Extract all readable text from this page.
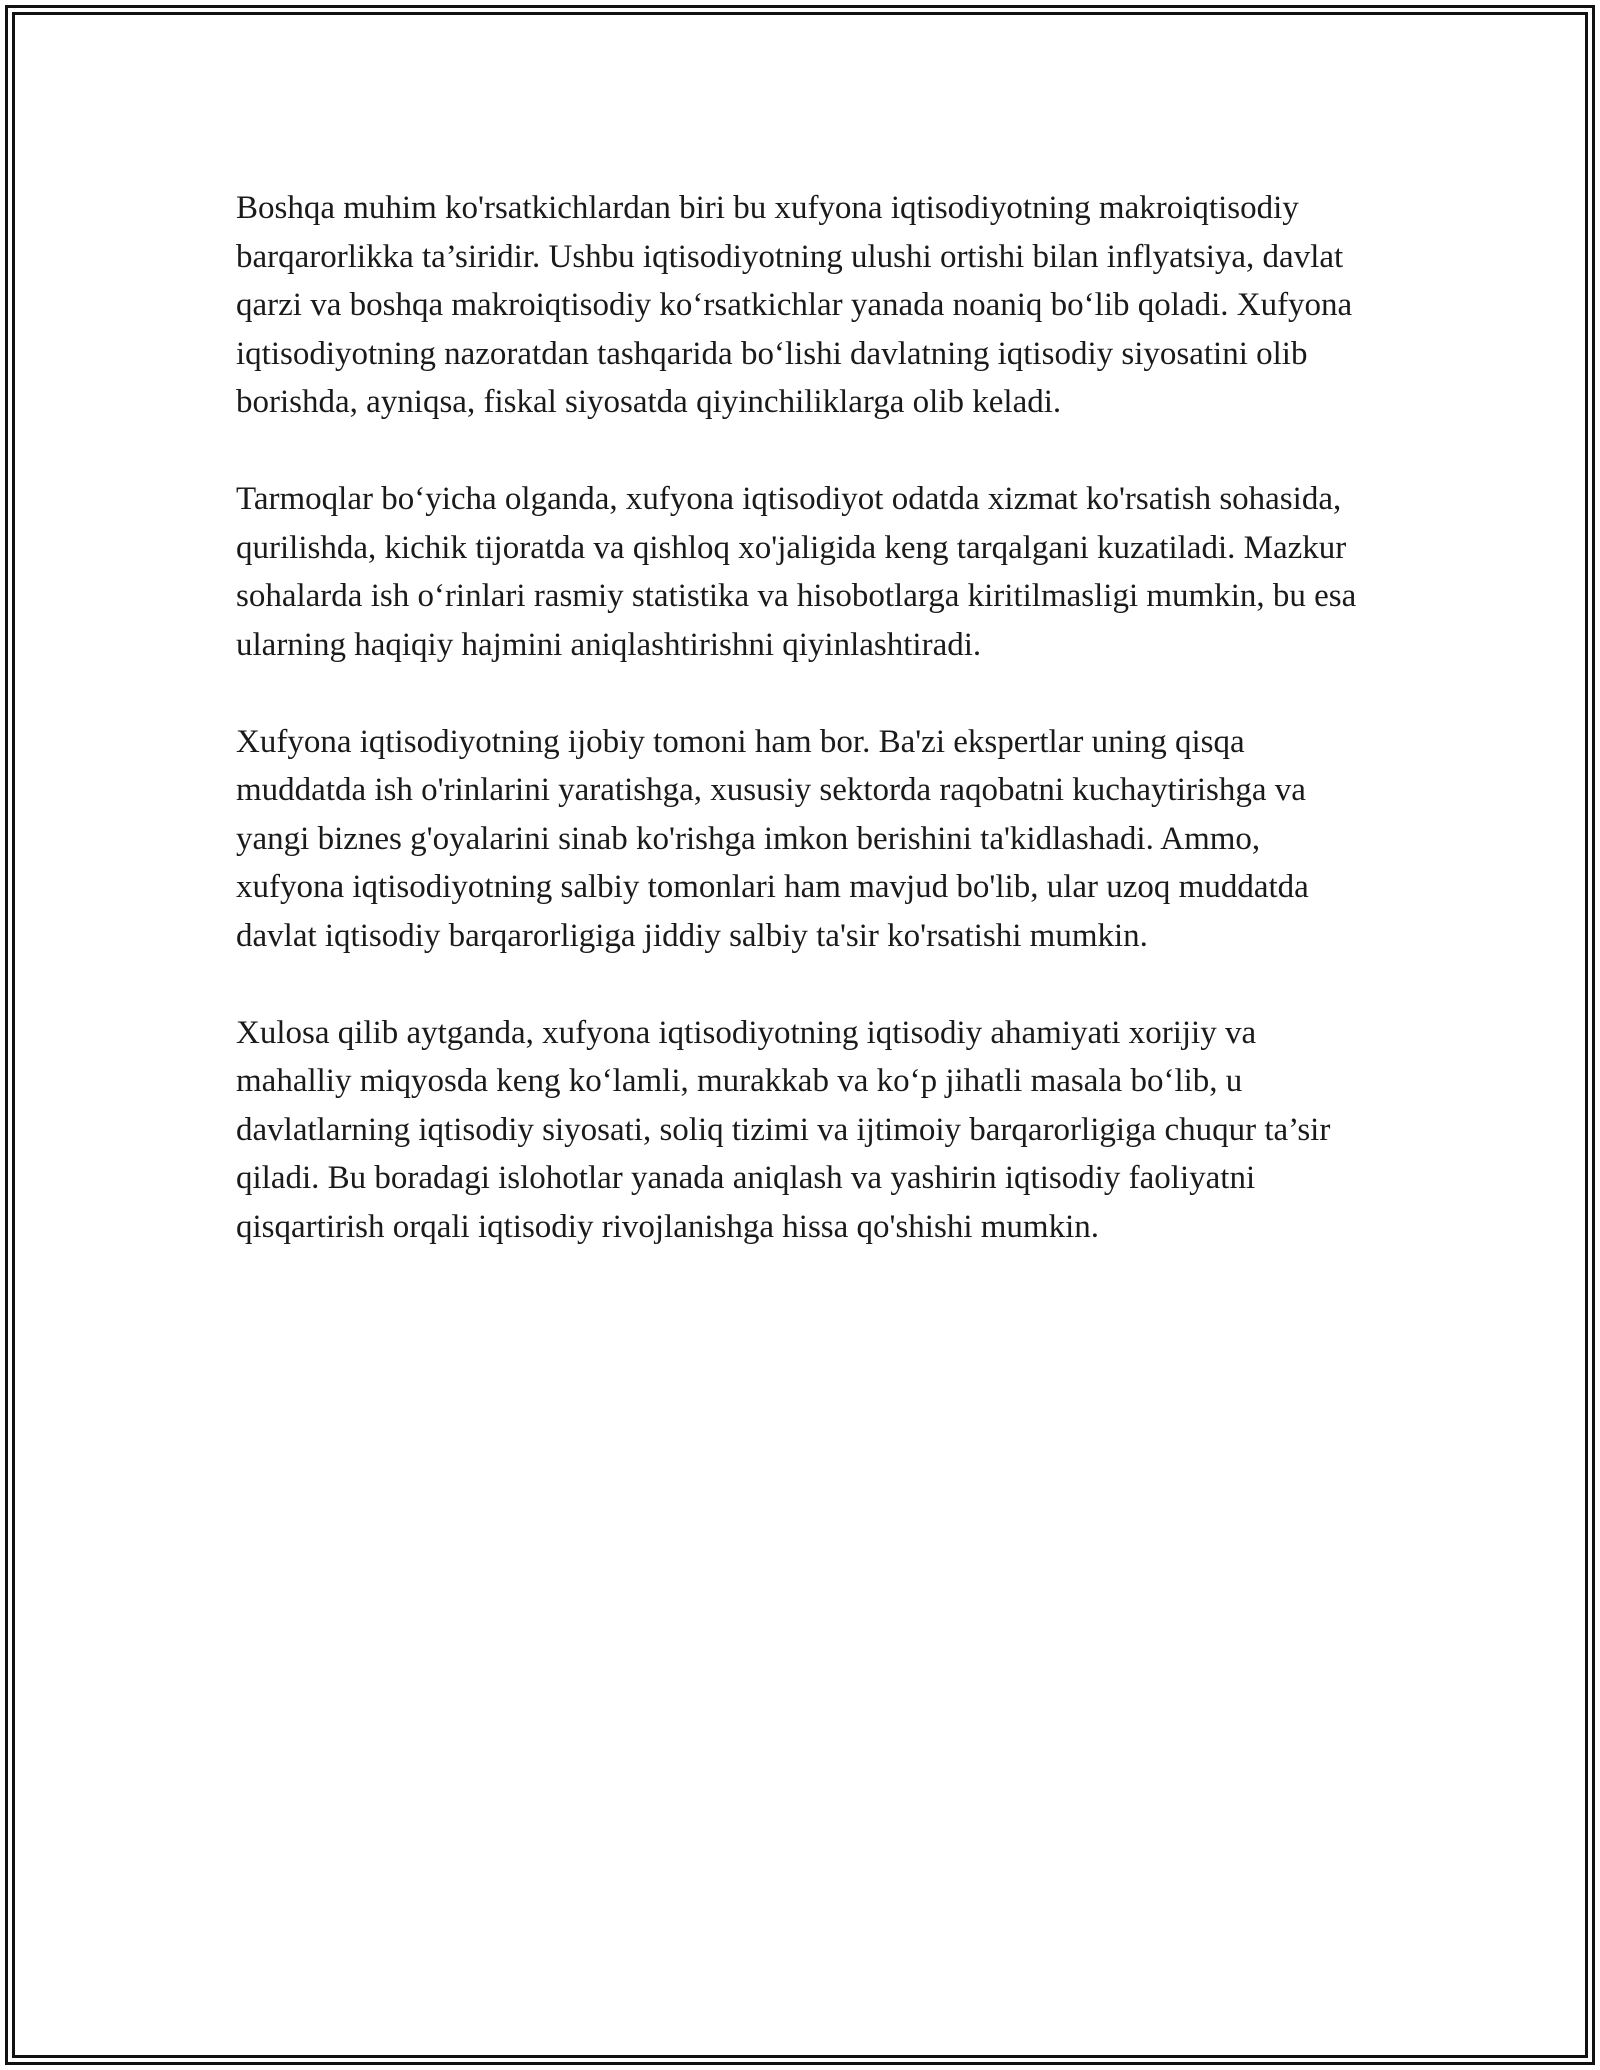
Boshqa muhim ko'rsatkichlardan biri bu xufyona iqtisodiyotning makroiqtisodiy barqarorlikka ta’siridir. Ushbu iqtisodiyotning ulushi ortishi bilan inflyatsiya, davlat qarzi va boshqa makroiqtisodiy koʻrsatkichlar yanada noaniq boʻlib qoladi. Xufyona iqtisodiyotning nazoratdan tashqarida boʻlishi davlatning iqtisodiy siyosatini olib borishda, ayniqsa, fiskal siyosatda qiyinchiliklarga olib keladi.

Tarmoqlar boʻyicha olganda, xufyona iqtisodiyot odatda xizmat ko'rsatish sohasida, qurilishda, kichik tijoratda va qishloq xo'jaligida keng tarqalgani kuzatiladi. Mazkur sohalarda ish oʻrinlari rasmiy statistika va hisobotlarga kiritilmasligi mumkin, bu esa ularning haqiqiy hajmini aniqlashtirishni qiyinlashtiradi.

Xufyona iqtisodiyotning ijobiy tomoni ham bor. Ba'zi ekspertlar uning qisqa muddatda ish o'rinlarini yaratishga, xususiy sektorda raqobatni kuchaytirishga va yangi biznes g'oyalarini sinab ko'rishga imkon berishini ta'kidlashadi. Ammo, xufyona iqtisodiyotning salbiy tomonlari ham mavjud bo'lib, ular uzoq muddatda davlat iqtisodiy barqarorligiga jiddiy salbiy ta'sir ko'rsatishi mumkin.

Xulosa qilib aytganda, xufyona iqtisodiyotning iqtisodiy ahamiyati xorijiy va mahalliy miqyosda keng koʻlamli, murakkab va koʻp jihatli masala boʻlib, u davlatlarning iqtisodiy siyosati, soliq tizimi va ijtimoiy barqarorligiga chuqur ta’sir qiladi. Bu boradagi islohotlar yanada aniqlash va yashirin iqtisodiy faoliyatni qisqartirish orqali iqtisodiy rivojlanishga hissa qo'shishi mumkin.
